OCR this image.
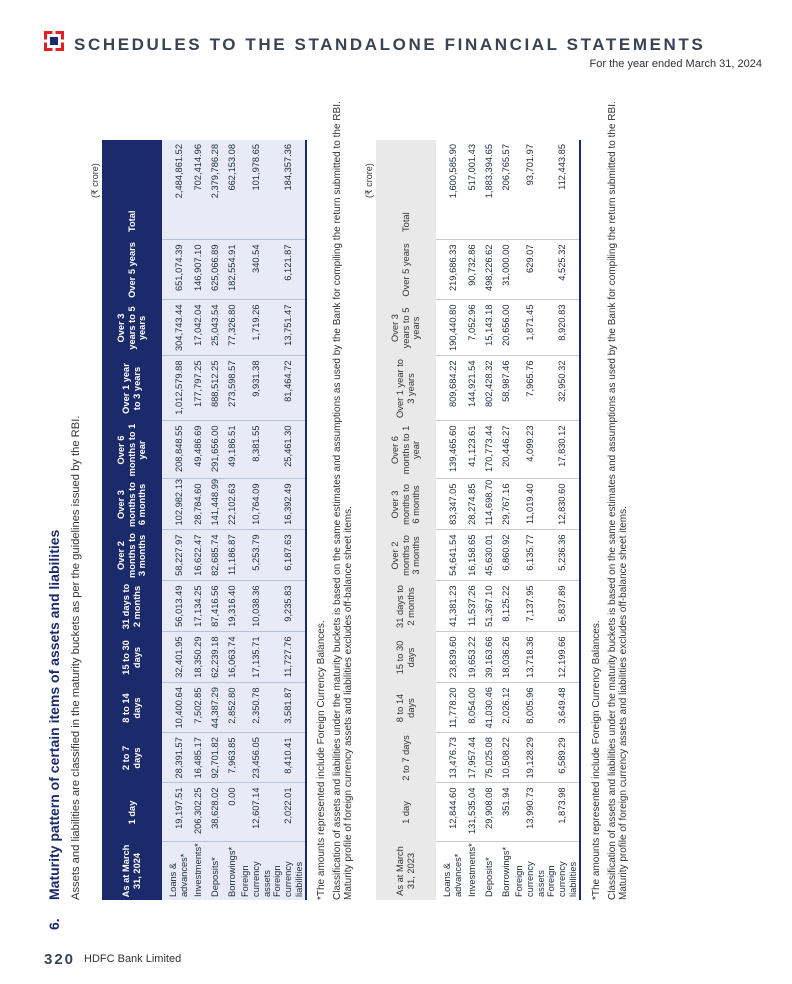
SCHEDULES TO THE STANDALONE FINANCIAL STATEMENTS
For the year ended March 31, 2024
6.Maturity pattern of certain items of assets and liabilities Assets and liabilities are classified in the maturity buckets as per the guidelines issued by the RBI.
(₹ crore)
As at March 31, 2024	1 day	2 to 7 days	8 to 14 days	15 to 30 days	31 days to 2 months	Over 2 months to 3 months	Over 3 months to 6 months	Over 6 months to 1 year	Over 1 year to 3 years	Over 3 years to 5 years	Over 5 years	Total
Loans & advances*	19,197.51	28,391.57	10,400.64	32,401.95	56,013.49	58,227.97	102,982.13	208,848.55	1,012,579.88	304,743.44	651,074.39	2,484,861.52
Investments*	206,302.25	16,485.17	7,502.85	18,350.29	17,134.25	16,622.47	28,784.60	49,486.69	177,797.25	17,042.04	146,907.10	702,414.96
Deposits*	38,628.02	92,701.82	44,387.29	62,239.18	87,416.56	82,685.74	141,448.99	291,656.00	888,512.25	25,043.54	625,066.89	2,379,786.28
Borrowings*	0.00	7,963.85	2,852.80	16,063.74	19,316.40	11,186.87	22,102.63	49,186.51	273,598.57	77,326.80	182,554.91	662,153.08
Foreign currency assets	12,607.14	23,456.05	2,350.78	17,135.71	10,038.36	5,253.79	10,764.09	8,381.55	9,931.38	1,719.26	340.54	101,978.65
Foreign currency liabilities	2,022.01	8,410.41	3,581.87	11,727.76	9,235.83	6,187.63	16,392.49	25,461.30	81,464.72	13,751.47	6,121.87	184,357.36
*The amounts represented include Foreign Currency Balances. Classification of assets and liabilities under the maturity buckets is based on the same estimates and assumptions as used by the Bank for compiling the return submitted to the RBI. Maturity profile of foreign currency assets and liabilities excludes off-balance sheet items.
(₹ crore)
As at March 31, 2023	1 day	2 to 7 days	8 to 14 days	15 to 30 days	31 days to 2 months	Over 2 months to 3 months	Over 3 months to 6 months	Over 6 months to 1 year	Over 1 year to 3 years	Over 3 years to 5 years	Over 5 years	Total
Loans & advances*	12,844.60	13,476.73	11,778.20	23,839.60	41,381.23	54,641.54	83,347.05	139,465.60	809,684.22	190,440.80	219,686.33	1,600,585.90
Investments*	131,535.04	17,957.44	8,054.00	19,653.22	11,537.26	16,158.65	28,274.85	41,123.61	144,921.54	7,052.96	90,732.86	517,001.43
Deposits*	29,908.08	75,025.08	41,030.46	39,163.66	51,367.10	45,630.01	114,698.70	170,773.44	802,428.32	15,143.18	498,226.62	1,883,394.65
Borrowings*	351.94	10,508.22	2,026.12	18,036.26	8,125.22	6,860.92	29,767.16	20,446.27	58,987.46	20,656.00	31,000.00	206,765.57
Foreign currency assets	13,990.73	19,128.29	8,005.96	13,718.36	7,137.95	6,135.77	11,019.40	4,099.23	7,965.76	1,871.45	629.07	93,701.97
Foreign currency liabilities	1,873.98	6,589.29	3,649.48	12,199.66	5,837.89	5,236.36	12,830.60	17,830.12	32,950.32	8,920.83	4,525.32	112,443.85
*The amounts represented include Foreign Currency Balances. Classification of assets and liabilities under the maturity buckets is based on the same estimates and assumptions as used by the Bank for compiling the return submitted to the RBI. Maturity profile of foreign currency assets and liabilities excludes off-balance sheet items.
320 HDFC Bank Limited
